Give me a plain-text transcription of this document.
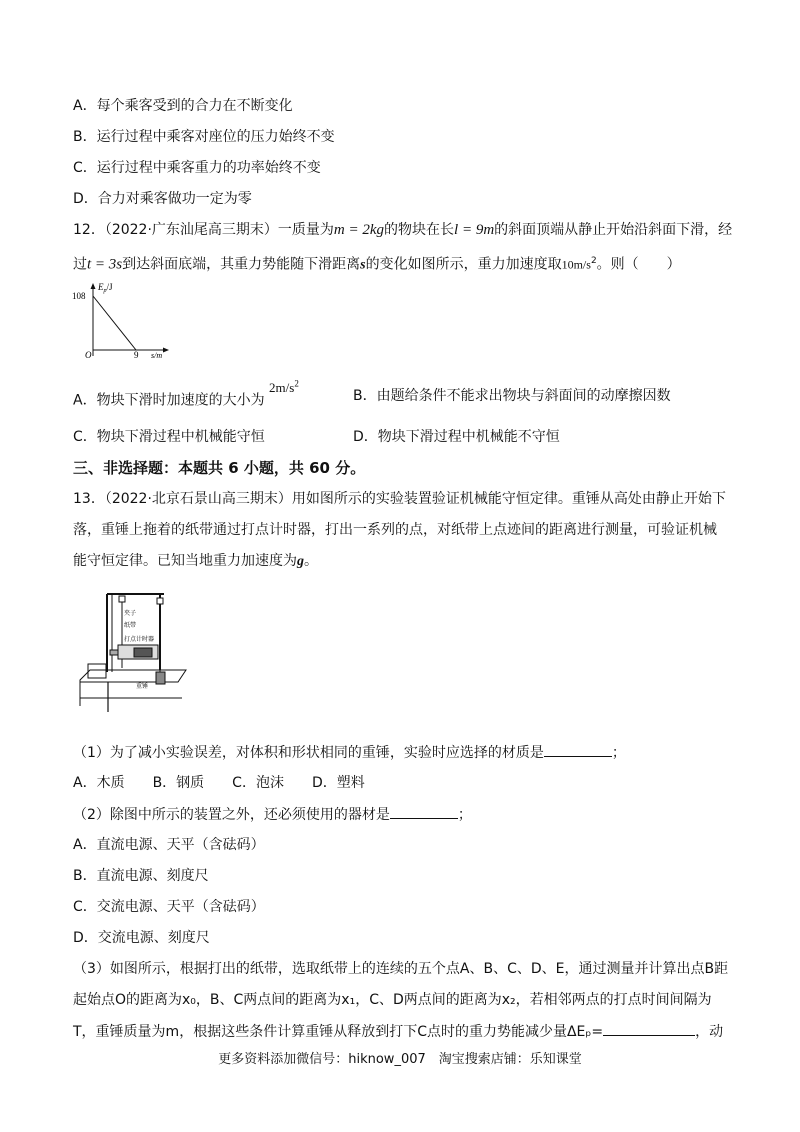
A．每个乘客受到的合力在不断变化
B．运行过程中乘客对座位的压力始终不变
C．运行过程中乘客重力的功率始终不变
D．合力对乘客做功一定为零
12．（2022·广东汕尾高三期末）一质量为m = 2kg的物块在长l = 9m的斜面顶端从静止开始沿斜面下滑，经
过t = 3s到达斜面底端，其重力势能随下滑距离s的变化如图所示，重力加速度取$10m/s^2$。则（　　）
$E_p/J$
108
O	9 s/m
A．物块下滑时加速度的大小为 $2m/s^2$
B．由题给条件不能求出物块与斜面间的动摩擦因数
C．物块下滑过程中机械能守恒	D．物块下滑过程中机械能不守恒
三、非选择题：本题共 6 小题，共 60 分。
13．（2022·北京石景山高三期末）用如图所示的实验装置验证机械能守恒定律。重锤从高处由静止开始下
落，重锤上拖着的纸带通过打点计时器，打出一系列的点，对纸带上点迹间的距离进行测量，可验证机械
能守恒定律。已知当地重力加速度为g。
夹子
纸带
打点计时器
重锤
（1）为了减小实验误差，对体积和形状相同的重锤，实验时应选择的材质是	；
A．木质　　B．钢质　　C．泡沫　　D．塑料
（2）除图中所示的装置之外，还必须使用的器材是	；
A．直流电源、天平（含砝码）
B．直流电源、刻度尺
C．交流电源、天平（含砝码）
D．交流电源、刻度尺
（3）如图所示，根据打出的纸带，选取纸带上的连续的五个点A、B、C、D、E，通过测量并计算出点B距
起始点O的距离为x₀，B、C两点间的距离为x₁，C、D两点间的距离为x₂，若相邻两点的打点时间间隔为
T，重锤质量为m，根据这些条件计算重锤从释放到打下C点时的重力势能减少量ΔEₚ=	，动
更多资料添加微信号：hiknow_007　淘宝搜索店铺：乐知课堂
